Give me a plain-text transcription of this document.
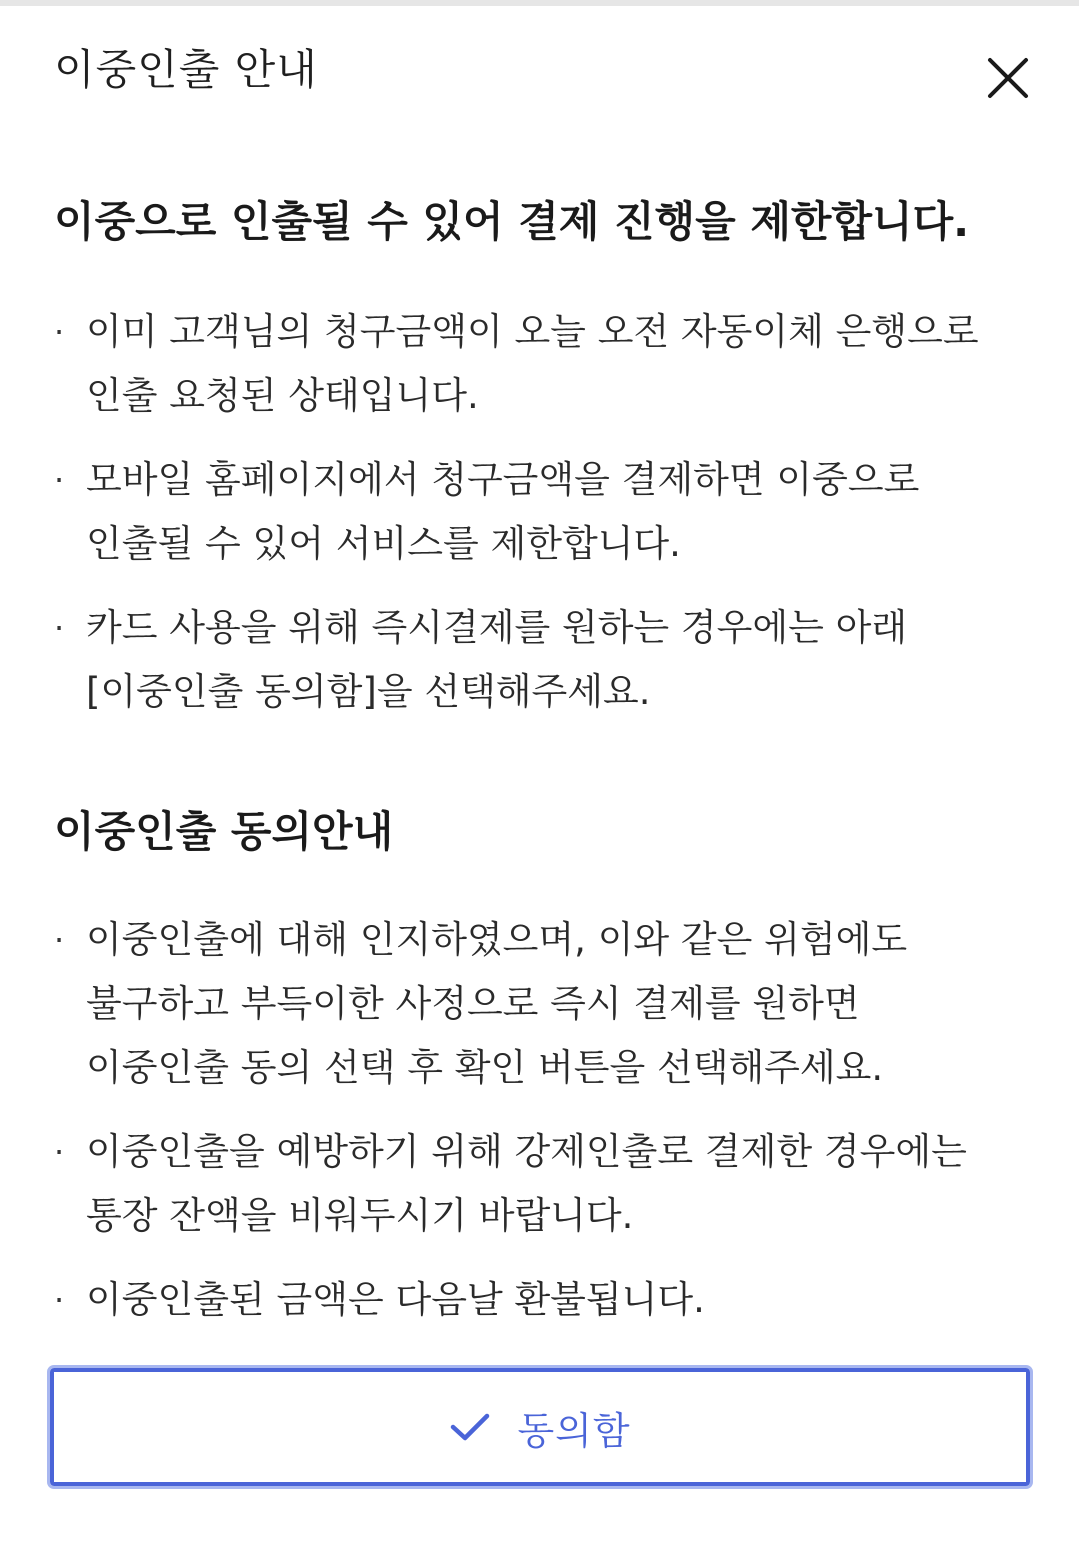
이중인출 안내
이중으로 인출될 수 있어 결제 진행을 제한합니다.
· 이미 고객님의 청구금액이 오늘 오전 자동이체 은행으로
인출 요청된 상태입니다.
· 모바일 홈페이지에서 청구금액을 결제하면 이중으로
인출될 수 있어 서비스를 제한합니다.
· 카드 사용을 위해 즉시결제를 원하는 경우에는 아래
[이중인출 동의함]을 선택해주세요.
이중인출 동의안내
· 이중인출에 대해 인지하였으며, 이와 같은 위험에도
불구하고 부득이한 사정으로 즉시 결제를 원하면
이중인출 동의 선택 후 확인 버튼을 선택해주세요.
· 이중인출을 예방하기 위해 강제인출로 결제한 경우에는
통장 잔액을 비워두시기 바랍니다.
· 이중인출된 금액은 다음날 환불됩니다.
동의함
